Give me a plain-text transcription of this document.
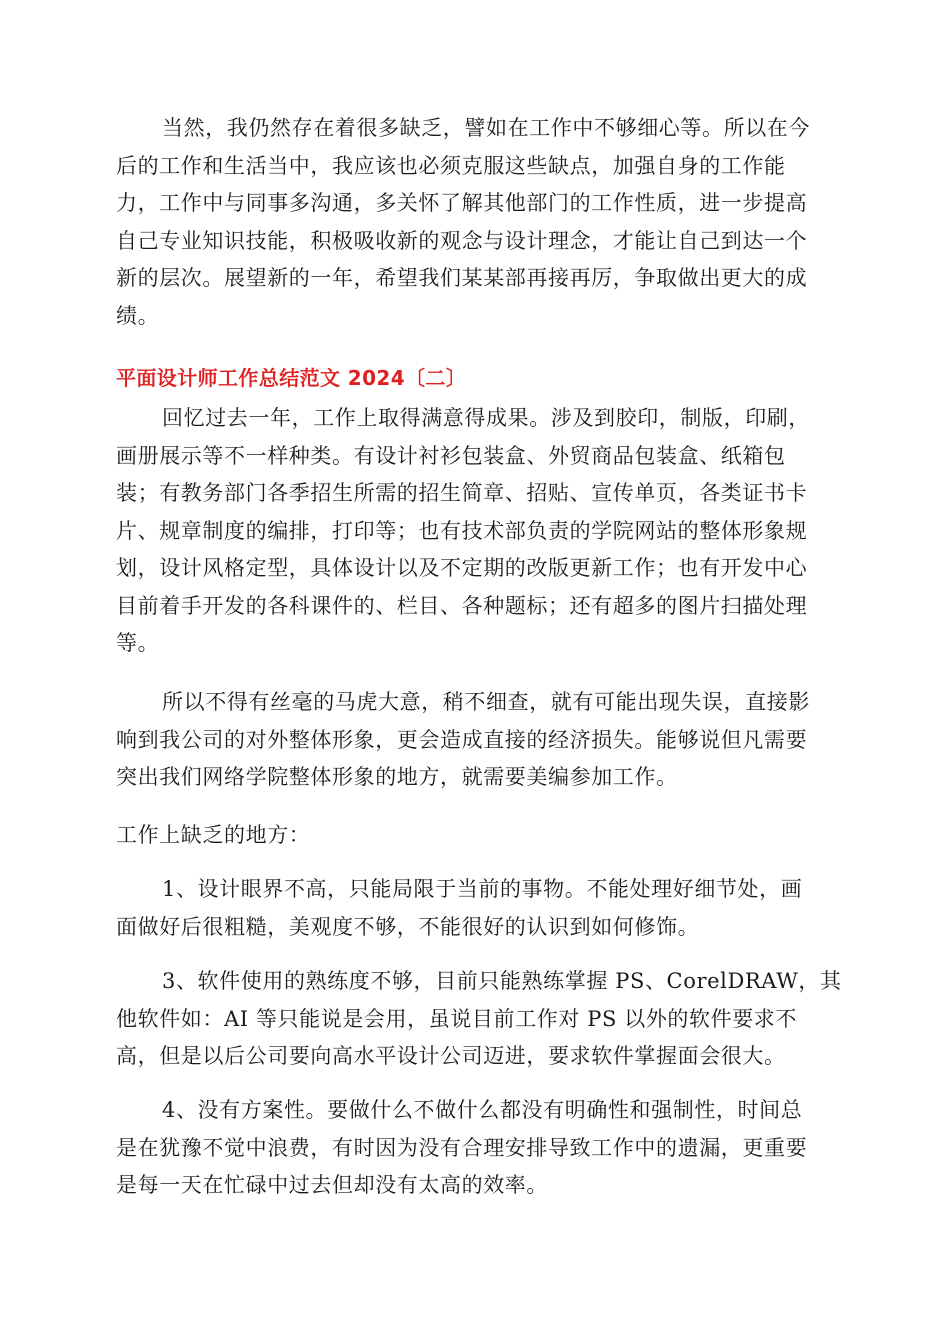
当然，我仍然存在着很多缺乏，譬如在工作中不够细心等。所以在今
后的工作和生活当中，我应该也必须克服这些缺点，加强自身的工作能
力，工作中与同事多沟通，多关怀了解其他部门的工作性质，进一步提高
自己专业知识技能，积极吸收新的观念与设计理念，才能让自己到达一个
新的层次。展望新的一年，希望我们某某部再接再厉，争取做出更大的成
绩。

平面设计师工作总结范文 2024〔二〕

回忆过去一年，工作上取得满意得成果。涉及到胶印，制版，印刷，
画册展示等不一样种类。有设计衬衫包装盒、外贸商品包装盒、纸箱包
装；有教务部门各季招生所需的招生简章、招贴、宣传单页，各类证书卡
片、规章制度的编排，打印等；也有技术部负责的学院网站的整体形象规
划，设计风格定型，具体设计以及不定期的改版更新工作；也有开发中心
目前着手开发的各科课件的、栏目、各种题标；还有超多的图片扫描处理
等。

所以不得有丝毫的马虎大意，稍不细查，就有可能出现失误，直接影
响到我公司的对外整体形象，更会造成直接的经济损失。能够说但凡需要
突出我们网络学院整体形象的地方，就需要美编参加工作。

工作上缺乏的地方：

1、设计眼界不高，只能局限于当前的事物。不能处理好细节处，画
面做好后很粗糙，美观度不够，不能很好的认识到如何修饰。

3、软件使用的熟练度不够，目前只能熟练掌握 PS、CorelDRAW，其
他软件如：AI 等只能说是会用，虽说目前工作对 PS 以外的软件要求不
高，但是以后公司要向高水平设计公司迈进，要求软件掌握面会很大。

4、没有方案性。要做什么不做什么都没有明确性和强制性，时间总
是在犹豫不觉中浪费，有时因为没有合理安排导致工作中的遗漏，更重要
是每一天在忙碌中过去但却没有太高的效率。
